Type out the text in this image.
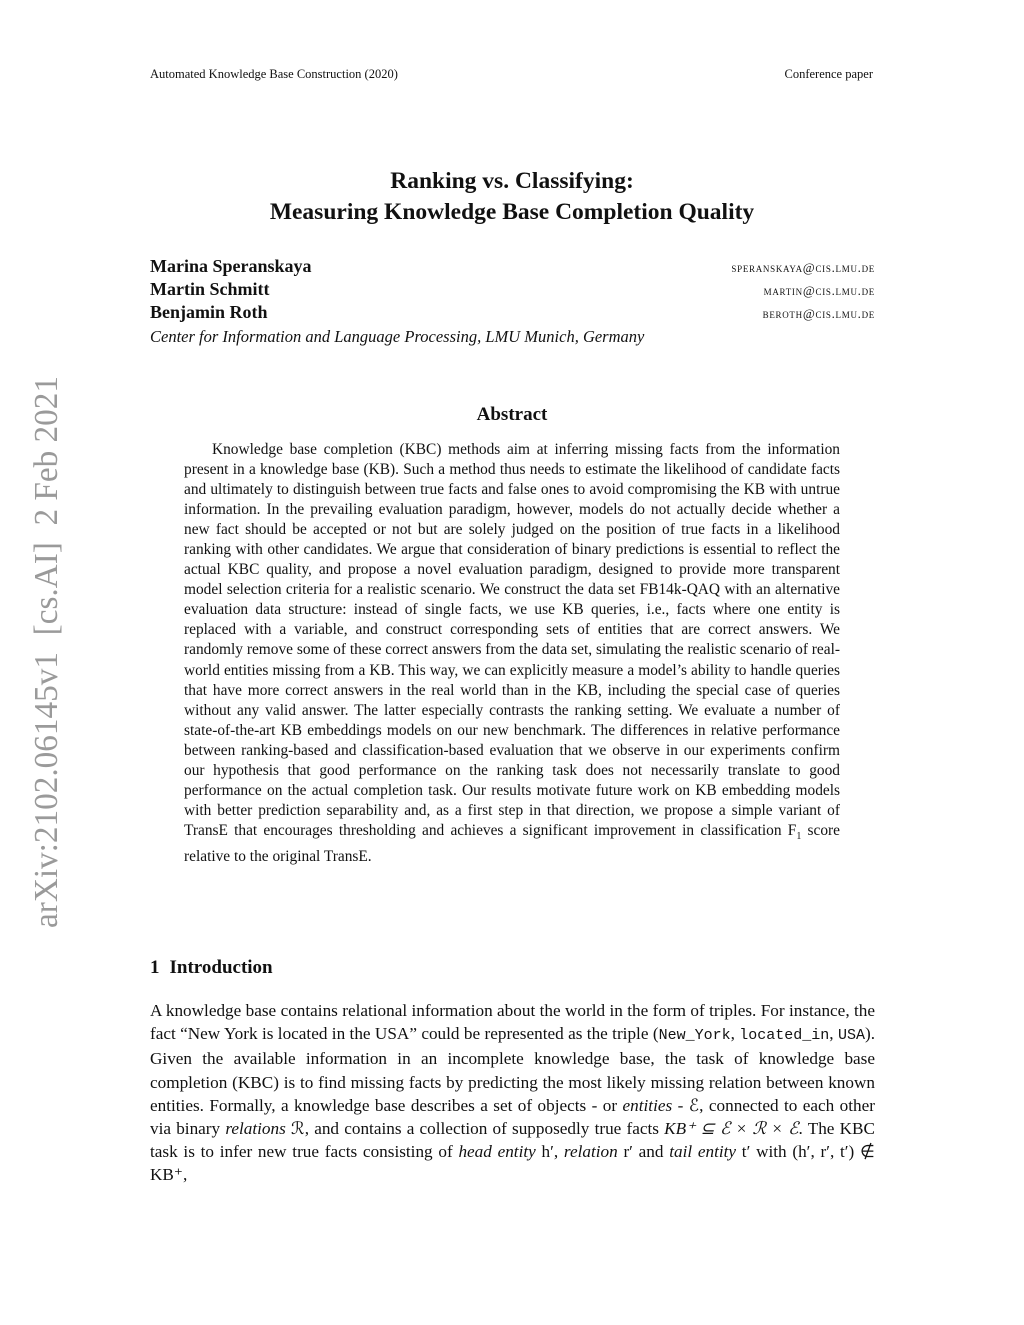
Automated Knowledge Base Construction (2020)	Conference paper
Ranking vs. Classifying:
Measuring Knowledge Base Completion Quality
Marina Speranskaya	speranskaya@cis.lmu.de
Martin Schmitt	martin@cis.lmu.de
Benjamin Roth	beroth@cis.lmu.de
Center for Information and Language Processing, LMU Munich, Germany
arXiv:2102.06145v1  [cs.AI]  2 Feb 2021	Abstract
Knowledge base completion (KBC) methods aim at inferring missing facts from the information present in a knowledge base (KB). Such a method thus needs to estimate the likelihood of candidate facts and ultimately to distinguish between true facts and false ones to avoid compromising the KB with untrue information. In the prevailing evaluation paradigm, however, models do not actually decide whether a new fact should be accepted or not but are solely judged on the position of true facts in a likelihood ranking with other candidates. We argue that consideration of binary predictions is essential to reflect the actual KBC quality, and propose a novel evaluation paradigm, designed to provide more transparent model selection criteria for a realistic scenario. We construct the data set FB14k-QAQ with an alternative evaluation data structure: instead of single facts, we use KB queries, i.e., facts where one entity is replaced with a variable, and construct corresponding sets of entities that are correct answers. We randomly remove some of these correct answers from the data set, simulating the realistic scenario of real-world entities missing from a KB. This way, we can explicitly measure a model’s ability to handle queries that have more correct answers in the real world than in the KB, including the special case of queries without any valid answer. The latter especially contrasts the ranking setting. We evaluate a number of state-of-the-art KB embeddings models on our new benchmark. The differences in relative performance between ranking-based and classification-based evaluation that we observe in our experiments confirm our hypothesis that good performance on the ranking task does not necessarily translate to good performance on the actual completion task. Our results motivate future work on KB embedding models with better prediction separability and, as a first step in that direction, we propose a simple variant of TransE that encourages thresholding and achieves a significant improvement in classification $F_1$ score relative to the original TransE.
1 Introduction
A knowledge base contains relational information about the world in the form of triples. For instance, the fact “New York is located in the USA” could be represented as the triple (New_York, located_in, USA). Given the available information in an incomplete knowledge base, the task of knowledge base completion (KBC) is to find missing facts by predicting the most likely missing relation between known entities. Formally, a knowledge base describes a set of objects - or entities - ℰ, connected to each other via binary relations ℛ, and contains a collection of supposedly true facts KB⁺ ⊆ ℰ × ℛ × ℰ. The KBC task is to infer new true facts consisting of head entity h′, relation r′ and tail entity t′ with (h′, r′, t′) ∉ KB⁺,
